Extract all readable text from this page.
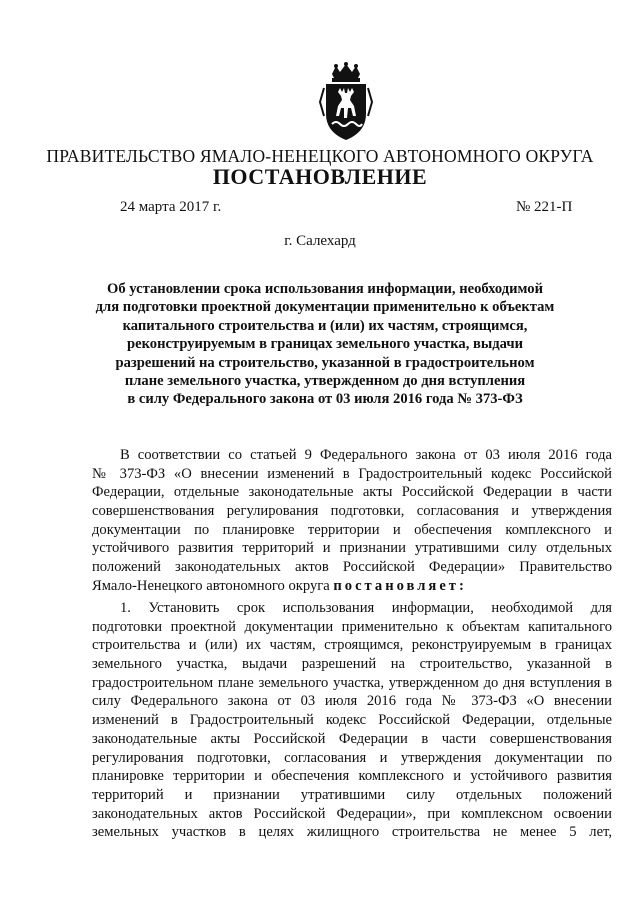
ПРАВИТЕЛЬСТВО ЯМАЛО-НЕНЕЦКОГО АВТОНОМНОГО ОКРУГА
ПОСТАНОВЛЕНИЕ
24 марта 2017 г.	№ 221-П
г. Салехард
Об установлении срока использования информации, необходимой
для подготовки проектной документации применительно к объектам
капитального строительства и (или) их частям, строящимся,
реконструируемым в границах земельного участка, выдачи
разрешений на строительство, указанной в градостроительном
плане земельного участка, утвержденном до дня вступления
в силу Федерального закона от 03 июля 2016 года № 373-ФЗ
В соответствии со статьей 9 Федерального закона от 03 июля 2016 года
№ 373-ФЗ «О внесении изменений в Градостроительный кодекс Российской
Федерации, отдельные законодательные акты Российской Федерации в части
совершенствования регулирования подготовки, согласования и утверждения
документации по планировке территории и обеспечения комплексного и
устойчивого развития территорий и признании утратившими силу отдельных
положений законодательных актов Российской Федерации» Правительство
Ямало-Ненецкого автономного округа постановляет:
1. Установить срок использования информации, необходимой для
подготовки проектной документации применительно к объектам капитального
строительства и (или) их частям, строящимся, реконструируемым в границах
земельного участка, выдачи разрешений на строительство, указанной в
градостроительном плане земельного участка, утвержденном до дня вступления в
силу Федерального закона от 03 июля 2016 года № 373-ФЗ «О внесении
изменений в Градостроительный кодекс Российской Федерации, отдельные
законодательные акты Российской Федерации в части совершенствования
регулирования подготовки, согласования и утверждения документации по
планировке территории и обеспечения комплексного и устойчивого развития
территорий и признании утратившими силу отдельных положений
законодательных актов Российской Федерации», при комплексном освоении
земельных участков в целях жилищного строительства не менее 5 лет,
